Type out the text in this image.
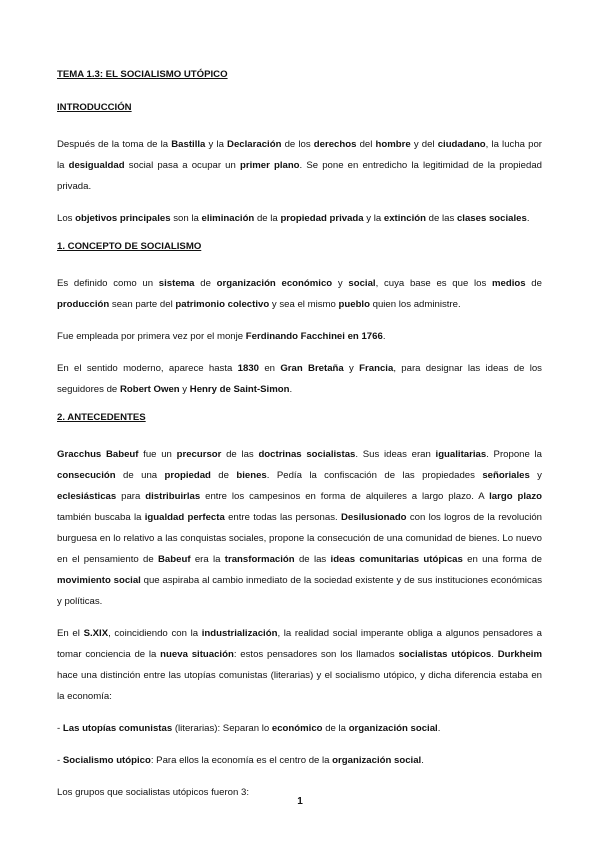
TEMA 1.3: EL SOCIALISMO UTÓPICO
INTRODUCCIÓN

Después de la toma de la Bastilla y la Declaración de los derechos del hombre y del ciudadano, la lucha por la desigualdad social pasa a ocupar un primer plano. Se pone en entredicho la legitimidad de la propiedad privada.

Los objetivos principales son la eliminación de la propiedad privada y la extinción de las clases sociales.

1. CONCEPTO DE SOCIALISMO

Es definido como un sistema de organización económico y social, cuya base es que los medios de producción sean parte del patrimonio colectivo y sea el mismo pueblo quien los administre.

Fue empleada por primera vez por el monje Ferdinando Facchinei en 1766.

En el sentido moderno, aparece hasta 1830 en Gran Bretaña y Francia, para designar las ideas de los seguidores de Robert Owen y Henry de Saint-Simon.

2. ANTECEDENTES

Gracchus Babeuf fue un precursor de las doctrinas socialistas. Sus ideas eran igualitarias. Propone la consecución de una propiedad de bienes. Pedía la confiscación de las propiedades señoriales y eclesiásticas para distribuirlas entre los campesinos en forma de alquileres a largo plazo. A largo plazo también buscaba la igualdad perfecta entre todas las personas. Desilusionado con los logros de la revolución burguesa en lo relativo a las conquistas sociales, propone la consecución de una comunidad de bienes. Lo nuevo en el pensamiento de Babeuf era la transformación de las ideas comunitarias utópicas en una forma de movimiento social que aspiraba al cambio inmediato de la sociedad existente y de sus instituciones económicas y políticas.

En el S.XIX, coincidiendo con la industrialización, la realidad social imperante obliga a algunos pensadores a tomar conciencia de la nueva situación: estos pensadores son los llamados socialistas utópicos. Durkheim hace una distinción entre las utopías comunistas (literarias) y el socialismo utópico, y dicha diferencia estaba en la economía:

- Las utopías comunistas (literarias): Separan lo económico de la organización social.

- Socialismo utópico: Para ellos la economía es el centro de la organización social.

Los grupos que socialistas utópicos fueron 3:

1
